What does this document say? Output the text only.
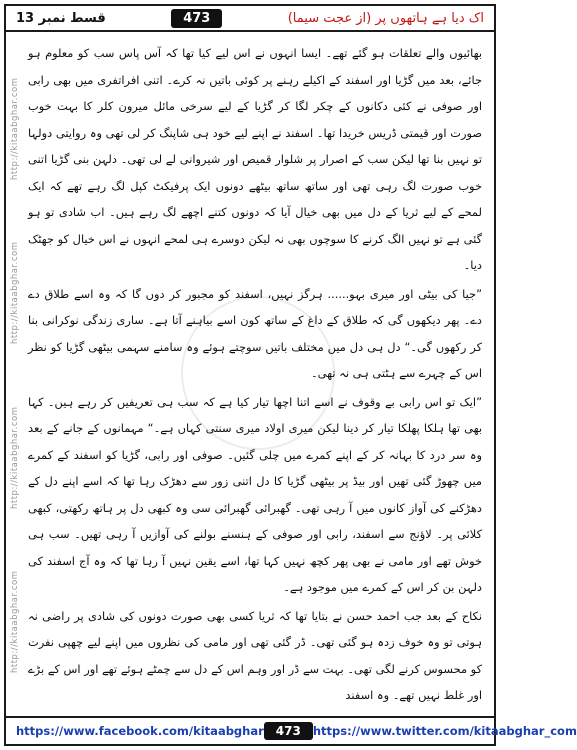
قسط نمبر 13	473	اک دیا ہے ہاتھوں پر (از عجت سیما)
http://kitaabghar.com
http://kitaabghar.com
http://kitaabghar.com
http://kitaabghar.com

بھائیوں والے تعلقات ہو گئے تھے۔ ایسا انہوں نے اس لیے کیا تھا کہ آس پاس سب کو معلوم ہو جائے، بعد میں گڑیا اور اسفند کے اکیلے رہنے پر کوئی باتیں نہ کرے۔ اتنی افراتفری میں بھی رابی اور صوفی نے کئی دکانوں کے چکر لگا کر گڑیا کے لیے سرخی مائل میرون کلر کا بہت خوب صورت اور قیمتی ڈریس خریدا تھا۔ اسفند نے اپنے لیے خود ہی شاپنگ کر لی تھی وہ روایتی دولہا تو نہیں بنا تھا لیکن سب کے اصرار پر شلوار قمیص اور شیروانی لے لی تھی۔ دلہن بنی گڑیا اتنی خوب صورت لگ رہی تھی اور ساتھ ساتھ بیٹھے دونوں ایک پرفیکٹ کپل لگ رہے تھے کہ ایک لمحے کے لیے ثریا کے دل میں بھی خیال آیا کہ دونوں کتنے اچھے لگ رہے ہیں۔ اب شادی تو ہو گئی ہے تو نہیں الگ کرنے کا سوچوں بھی نہ لیکن دوسرے ہی لمحے انہوں نے اس خیال کو جھٹک دیا۔

”جیا کی بیٹی اور میری بہو...... ہرگز نہیں، اسفند کو مجبور کر دوں گا کہ وہ اسے طلاق دے دے۔ پھر دیکھوں گی کہ طلاق کے داغ کے ساتھ کون اسے بیاہنے آتا ہے۔ ساری زندگی نوکرانی بنا کر رکھوں گی۔“ دل ہی دل میں مختلف باتیں سوچتے ہوئے وہ سامنے سہمی بیٹھی گڑیا کو نظر اس کے چہرے سے ہٹتی ہی نہ تھی۔

”ایک تو اس رابی بے وقوف نے اسے اتنا اچھا تیار کیا ہے کہ سب ہی تعریفیں کر رہے ہیں۔ کہا بھی تھا ہلکا پھلکا تیار کر دینا لیکن میری اولاد میری سنتی کہاں ہے۔“ مہمانوں کے جانے کے بعد وہ سر درد کا بہانہ کر کے اپنے کمرے میں چلی گئیں۔ صوفی اور رابی، گڑیا کو اسفند کے کمرے میں چھوڑ گئی تھیں اور بیڈ پر بیٹھی گڑیا کا دل اتنی زور سے دھڑک رہا تھا کہ اسے اپنے دل کے دھڑکنے کی آواز کانوں میں آ رہی تھی۔ گھبرائی گھبرائی سی وہ کبھی دل پر ہاتھ رکھتی، کبھی کلائی پر۔ لاؤنج سے اسفند، رابی اور صوفی کے ہنسنے بولنے کی آوازیں آ رہی تھیں۔ سب ہی خوش تھے اور مامی نے بھی پھر کچھ نہیں کہا تھا، اسے یقین نہیں آ رہا تھا کہ وہ آج اسفند کی دلہن بن کر اس کے کمرے میں موجود ہے۔

نکاح کے بعد جب احمد حسن نے بتایا تھا کہ ثریا کسی بھی صورت دونوں کی شادی پر راضی نہ ہوتی تو وہ خوف زدہ ہو گئی تھی۔ ڈر گئی تھی اور مامی کی نظروں میں اپنے لیے چھپی نفرت کو محسوس کرنے لگی تھی۔ بہت سے ڈر اور وہم اس کے دل سے چمٹے ہوئے تھے اور اس کے بڑے اور غلط نہیں تھے۔ وہ اسفند

https://www.facebook.com/kitaabghar	473	https://www.twitter.com/kitaabghar_com
